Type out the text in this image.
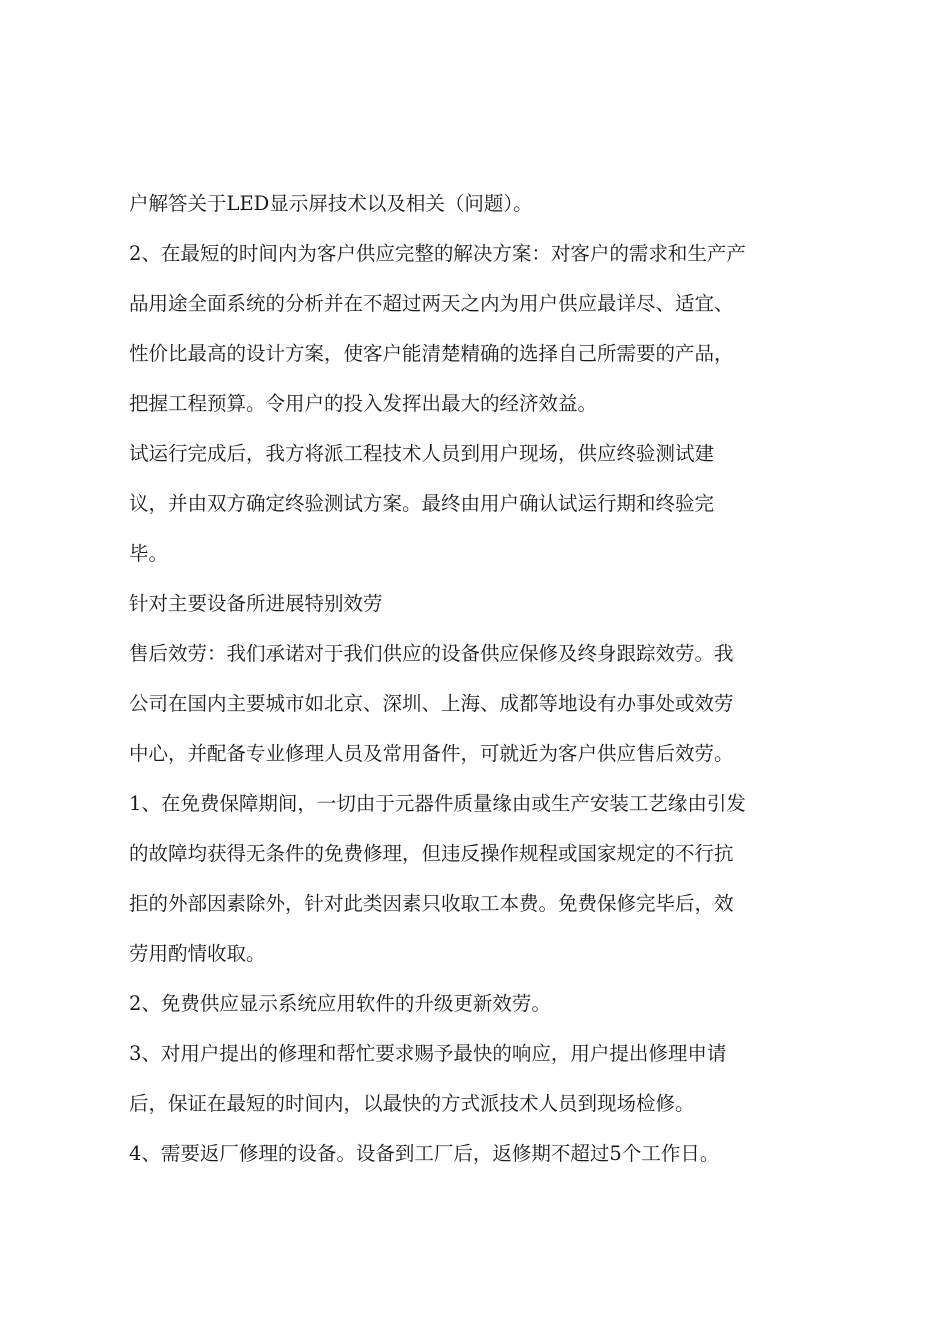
户解答关于LED显示屏技术以及相关（问题）。
2、在最短的时间内为客户供应完整的解决方案：对客户的需求和生产产
品用途全面系统的分析并在不超过两天之内为用户供应最详尽、适宜、
性价比最高的设计方案，使客户能清楚精确的选择自己所需要的产品，
把握工程预算。令用户的投入发挥出最大的经济效益。
试运行完成后，我方将派工程技术人员到用户现场，供应终验测试建
议，并由双方确定终验测试方案。最终由用户确认试运行期和终验完
毕。
针对主要设备所进展特别效劳
售后效劳：我们承诺对于我们供应的设备供应保修及终身跟踪效劳。我
公司在国内主要城市如北京、深圳、上海、成都等地设有办事处或效劳
中心，并配备专业修理人员及常用备件，可就近为客户供应售后效劳。
1、在免费保障期间，一切由于元器件质量缘由或生产安装工艺缘由引发
的故障均获得无条件的免费修理，但违反操作规程或国家规定的不行抗
拒的外部因素除外，针对此类因素只收取工本费。免费保修完毕后，效
劳用酌情收取。
2、免费供应显示系统应用软件的升级更新效劳。
3、对用户提出的修理和帮忙要求赐予最快的响应，用户提出修理申请
后，保证在最短的时间内，以最快的方式派技术人员到现场检修。
4、需要返厂修理的设备。设备到工厂后，返修期不超过5个工作日。
